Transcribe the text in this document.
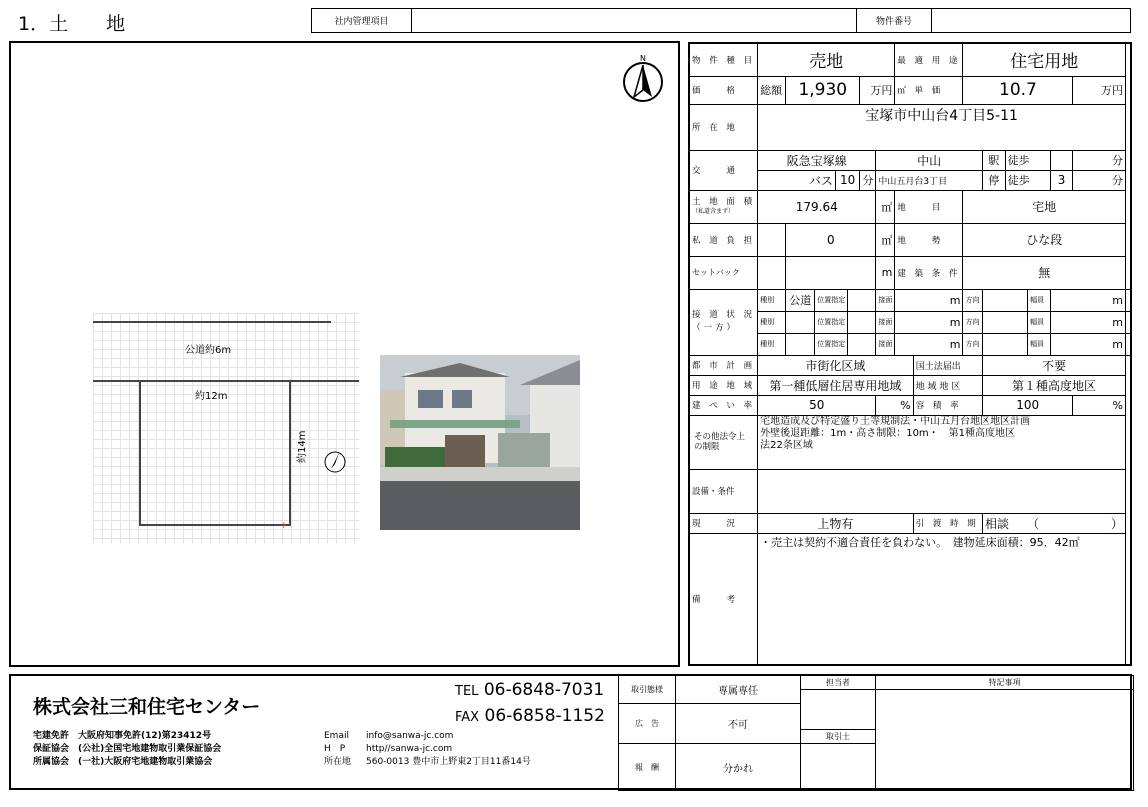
1．土　　地	社内管理項目		物件番号	
N
公道約6m
約12m
約14m
+
物 件 種 目	売地							最 適 用 途		住宅用地						
価　　格	総額	1,930				万円		㎡ 単 価		10.7					万円	
所 在 地	宝塚市中山台4丁目5-11															
交　　通	阪急宝塚線						中山				駅	徒歩			分	
	バス			10		分	中山五月台3丁目				停	徒歩		3	分	

土 地 面 積
（私道含まず）	179.64						㎡	地　　目		宅地						
私 道 負 担		0					㎡	地　　勢		ひな段						
セットバック							m	建 築 条 件		無						

接 道 状 況
（一方）	種別	公道	位置指定				接面	m		方向			幅員	m		
	種別		位置指定				接面	m		方向			幅員	m		
	種別		位置指定				接面	m		方向			幅員	m		
都 市 計 画	市街化区域								国土法届出		不要					
用 途 地 域	第一種低層住居専用地域								地 域 地 区		第１種高度地区					
建 ぺ い 率	50						%		容 積 率		100				%	
その他法令上の制限	宅地造成及び特定盛り土等規制法・中山五月台地区地区計画
外壁後退距離：1m・高さ制限：10m・　第1種高度地区
法22条区域															

設備・条件																
現　　況	上物有								引 渡 時 期		相談　　（　　　　　　）					
備　　考	・売主は契約不適合責任を負わない。　建物延床面積：95．42㎡															
株式会社三和住宅センター
TEL 06-6848-7031
FAX 06-6858-1152
宅建免許　大阪府知事免許(12)第23412号
保証協会　(公社)全国宅地建物取引業保証協会
所属協会　(一社)大阪府宅地建物取引業協会
Email info@sanwa-jc.com
H　P http//sanwa-jc.com
所在地 560-0013 豊中市上野東2丁目11番14号
取引態様	専属専任	担当者	特記事項

広　告	不可		
		取引士	
報　酬	分かれ		
